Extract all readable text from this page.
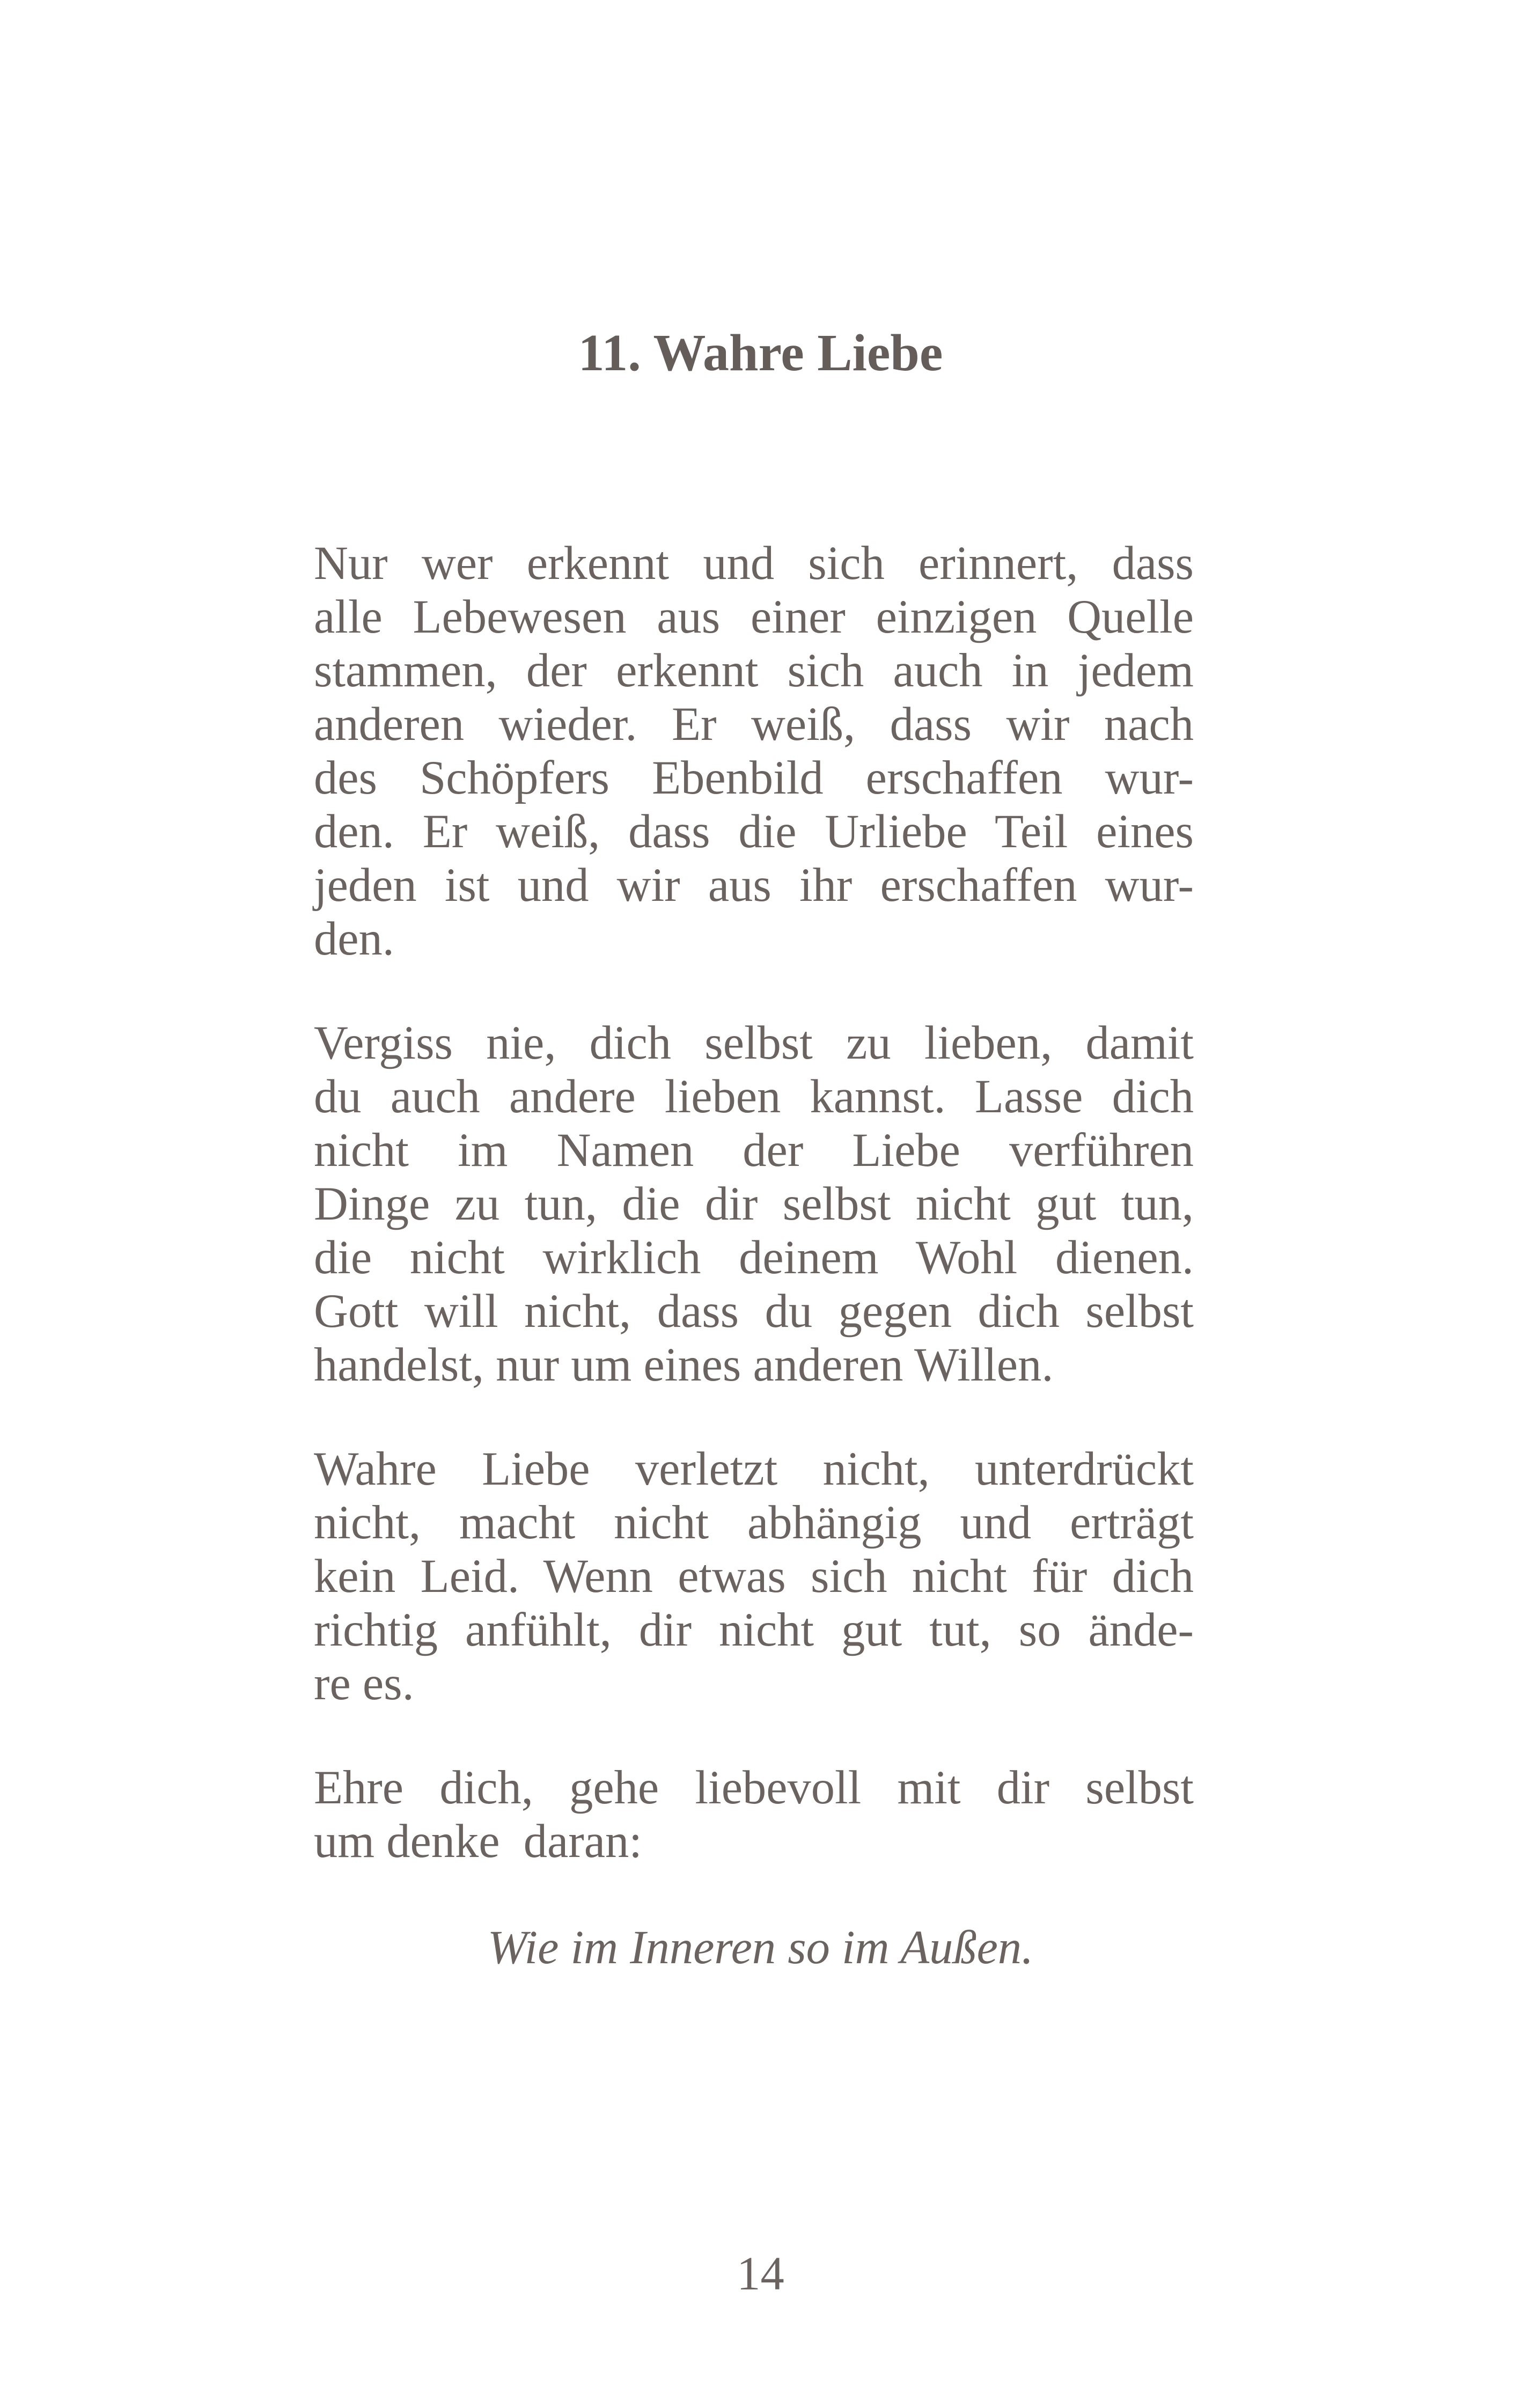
11. Wahre Liebe

Nur wer erkennt und sich erinnert, dass
alle Lebewesen aus einer einzigen Quelle
stammen, der erkennt sich auch in jedem
anderen wieder. Er weiß, dass wir nach
des Schöpfers Ebenbild erschaffen wur-
den. Er weiß, dass die Urliebe Teil eines
jeden ist und wir aus ihr erschaffen wur-
den.

Vergiss nie, dich selbst zu lieben, damit
du auch andere lieben kannst. Lasse dich
nicht im Namen der Liebe verführen
Dinge zu tun, die dir selbst nicht gut tun,
die nicht wirklich deinem Wohl dienen.
Gott will nicht, dass du gegen dich selbst
handelst, nur um eines anderen Willen.

Wahre Liebe verletzt nicht, unterdrückt
nicht, macht nicht abhängig und erträgt
kein Leid. Wenn etwas sich nicht für dich
richtig anfühlt, dir nicht gut tut, so ände-
re es.

Ehre dich, gehe liebevoll mit dir selbst
um denke  daran:

Wie im Inneren so im Außen.

14
